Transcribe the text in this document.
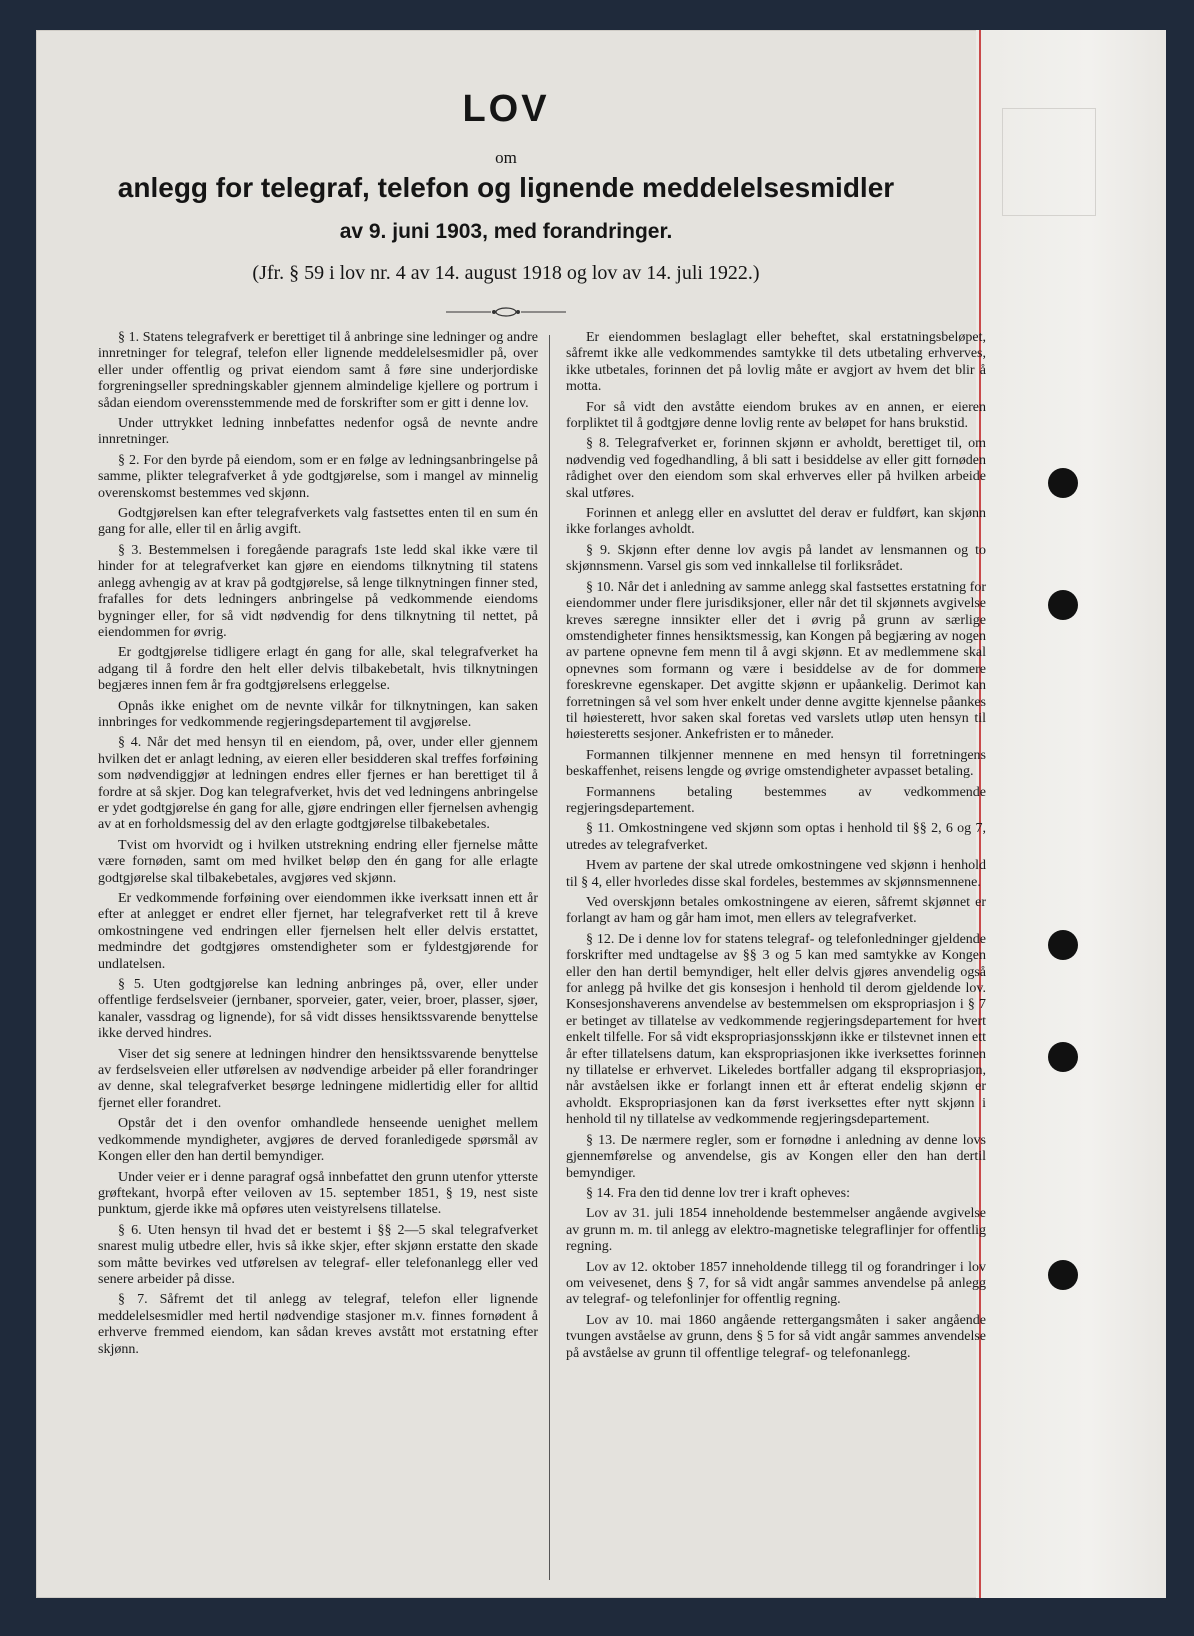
LOV
om
anlegg for telegraf, telefon og lignende meddelelsesmidler
av 9. juni 1903, med forandringer.
(Jfr. § 59 i lov nr. 4 av 14. august 1918 og lov av 14. juli 1922.)

§ 1. Statens telegrafverk er berettiget til å anbringe sine ledninger og andre innretninger for telegraf, telefon eller lignende meddelelsesmidler på, over eller under offentlig og privat eiendom samt å føre sine underjordiske forgreningseller spredningskabler gjennem almindelige kjellere og portrum i sådan eiendom overensstemmende med de forskrifter som er gitt i denne lov.

Under uttrykket ledning innbefattes nedenfor også de nevnte andre innretninger.

§ 2. For den byrde på eiendom, som er en følge av ledningsanbringelse på samme, plikter telegrafverket å yde godtgjørelse, som i mangel av minnelig overenskomst bestemmes ved skjønn.

Godtgjørelsen kan efter telegrafverkets valg fastsettes enten til en sum én gang for alle, eller til en årlig avgift.

§ 3. Bestemmelsen i foregående paragrafs 1ste ledd skal ikke være til hinder for at telegrafverket kan gjøre en eiendoms tilknytning til statens anlegg avhengig av at krav på godtgjørelse, så lenge tilknytningen finner sted, frafalles for dets ledningers anbringelse på vedkommende eiendoms bygninger eller, for så vidt nødvendig for dens tilknytning til nettet, på eiendommen for øvrig.

Er godtgjørelse tidligere erlagt én gang for alle, skal telegrafverket ha adgang til å fordre den helt eller delvis tilbakebetalt, hvis tilknytningen begjæres innen fem år fra godtgjørelsens erleggelse.

Opnås ikke enighet om de nevnte vilkår for tilknytningen, kan saken innbringes for vedkommende regjeringsdepartement til avgjørelse.

§ 4. Når det med hensyn til en eiendom, på, over, under eller gjennem hvilken det er anlagt ledning, av eieren eller besidderen skal treffes forføining som nødvendiggjør at ledningen endres eller fjernes er han berettiget til å fordre at så skjer. Dog kan telegrafverket, hvis det ved ledningens anbringelse er ydet godtgjørelse én gang for alle, gjøre endringen eller fjernelsen avhengig av at en forholdsmessig del av den erlagte godtgjørelse tilbakebetales.

Tvist om hvorvidt og i hvilken utstrekning endring eller fjernelse måtte være fornøden, samt om med hvilket beløp den én gang for alle erlagte godtgjørelse skal tilbakebetales, avgjøres ved skjønn.

Er vedkommende forføining over eiendommen ikke iverksatt innen ett år efter at anlegget er endret eller fjernet, har telegrafverket rett til å kreve omkostningene ved endringen eller fjernelsen helt eller delvis erstattet, medmindre det godtgjøres omstendigheter som er fyldestgjørende for undlatelsen.

§ 5. Uten godtgjørelse kan ledning anbringes på, over, eller under offentlige ferdselsveier (jernbaner, sporveier, gater, veier, broer, plasser, sjøer, kanaler, vassdrag og lignende), for så vidt disses hensiktssvarende benyttelse ikke derved hindres.

Viser det sig senere at ledningen hindrer den hensiktssvarende benyttelse av ferdselsveien eller utførelsen av nødvendige arbeider på eller forandringer av denne, skal telegrafverket besørge ledningene midlertidig eller for alltid fjernet eller forandret.

Opstår det i den ovenfor omhandlede henseende uenighet mellem vedkommende myndigheter, avgjøres de derved foranledigede spørsmål av Kongen eller den han dertil bemyndiger.

Under veier er i denne paragraf også innbefattet den grunn utenfor ytterste grøftekant, hvorpå efter veiloven av 15. september 1851, § 19, nest siste punktum, gjerde ikke må opføres uten veistyrelsens tillatelse.

§ 6. Uten hensyn til hvad det er bestemt i §§ 2—5 skal telegrafverket snarest mulig utbedre eller, hvis så ikke skjer, efter skjønn erstatte den skade som måtte bevirkes ved utførelsen av telegraf- eller telefonanlegg eller ved senere arbeider på disse.

§ 7. Såfremt det til anlegg av telegraf, telefon eller lignende meddelelsesmidler med hertil nødvendige stasjoner m.v. finnes fornødent å erhverve fremmed eiendom, kan sådan kreves avstått mot erstatning efter skjønn.

Er eiendommen beslaglagt eller beheftet, skal erstatningsbeløpet, såfremt ikke alle vedkommendes samtykke til dets utbetaling erhverves, ikke utbetales, forinnen det på lovlig måte er avgjort av hvem det blir å motta.

For så vidt den avståtte eiendom brukes av en annen, er eieren forpliktet til å godtgjøre denne lovlig rente av beløpet for hans brukstid.

§ 8. Telegrafverket er, forinnen skjønn er avholdt, berettiget til, om nødvendig ved fogedhandling, å bli satt i besiddelse av eller gitt fornøden rådighet over den eiendom som skal erhverves eller på hvilken arbeide skal utføres.

Forinnen et anlegg eller en avsluttet del derav er fuldført, kan skjønn ikke forlanges avholdt.

§ 9. Skjønn efter denne lov avgis på landet av lensmannen og to skjønnsmenn. Varsel gis som ved innkallelse til forliksrådet.

§ 10. Når det i anledning av samme anlegg skal fastsettes erstatning for eiendommer under flere jurisdiksjoner, eller når det til skjønnets avgivelse kreves særegne innsikter eller det i øvrig på grunn av særlige omstendigheter finnes hensiktsmessig, kan Kongen på begjæring av nogen av partene opnevne fem menn til å avgi skjønn. Et av medlemmene skal opnevnes som formann og være i besiddelse av de for dommere foreskrevne egenskaper. Det avgitte skjønn er upåankelig. Derimot kan forretningen så vel som hver enkelt under denne avgitte kjennelse påankes til høiesterett, hvor saken skal foretas ved varslets utløp uten hensyn til høiesteretts sesjoner. Ankefristen er to måneder.

Formannen tilkjenner mennene en med hensyn til forretningens beskaffenhet, reisens lengde og øvrige omstendigheter avpasset betaling.

Formannens betaling bestemmes av vedkommende regjeringsdepartement.

§ 11. Omkostningene ved skjønn som optas i henhold til §§ 2, 6 og 7, utredes av telegrafverket.

Hvem av partene der skal utrede omkostningene ved skjønn i henhold til § 4, eller hvorledes disse skal fordeles, bestemmes av skjønnsmennene.

Ved overskjønn betales omkostningene av eieren, såfremt skjønnet er forlangt av ham og går ham imot, men ellers av telegrafverket.

§ 12. De i denne lov for statens telegraf- og telefonledninger gjeldende forskrifter med undtagelse av §§ 3 og 5 kan med samtykke av Kongen eller den han dertil bemyndiger, helt eller delvis gjøres anvendelig også for anlegg på hvilke det gis konsesjon i henhold til derom gjeldende lov. Konsesjonshaverens anvendelse av bestemmelsen om ekspropriasjon i § 7 er betinget av tillatelse av vedkommende regjeringsdepartement for hvert enkelt tilfelle. For så vidt ekspropriasjonsskjønn ikke er tilstevnet innen ett år efter tillatelsens datum, kan ekspropriasjonen ikke iverksettes forinnen ny tillatelse er erhvervet. Likeledes bortfaller adgang til ekspropriasjon, når avståelsen ikke er forlangt innen ett år efterat endelig skjønn er avholdt. Ekspropriasjonen kan da først iverksettes efter nytt skjønn i henhold til ny tillatelse av vedkommende regjeringsdepartement.

§ 13. De nærmere regler, som er fornødne i anledning av denne lovs gjennemførelse og anvendelse, gis av Kongen eller den han dertil bemyndiger.

§ 14. Fra den tid denne lov trer i kraft opheves:

Lov av 31. juli 1854 inneholdende bestemmelser angående avgivelse av grunn m. m. til anlegg av elektro-magnetiske telegraflinjer for offentlig regning.

Lov av 12. oktober 1857 inneholdende tillegg til og forandringer i lov om veivesenet, dens § 7, for så vidt angår sammes anvendelse på anlegg av telegraf- og telefonlinjer for offentlig regning.

Lov av 10. mai 1860 angående rettergangsmåten i saker angående tvungen avståelse av grunn, dens § 5 for så vidt angår sammes anvendelse på avståelse av grunn til offentlige telegraf- og telefonanlegg.
